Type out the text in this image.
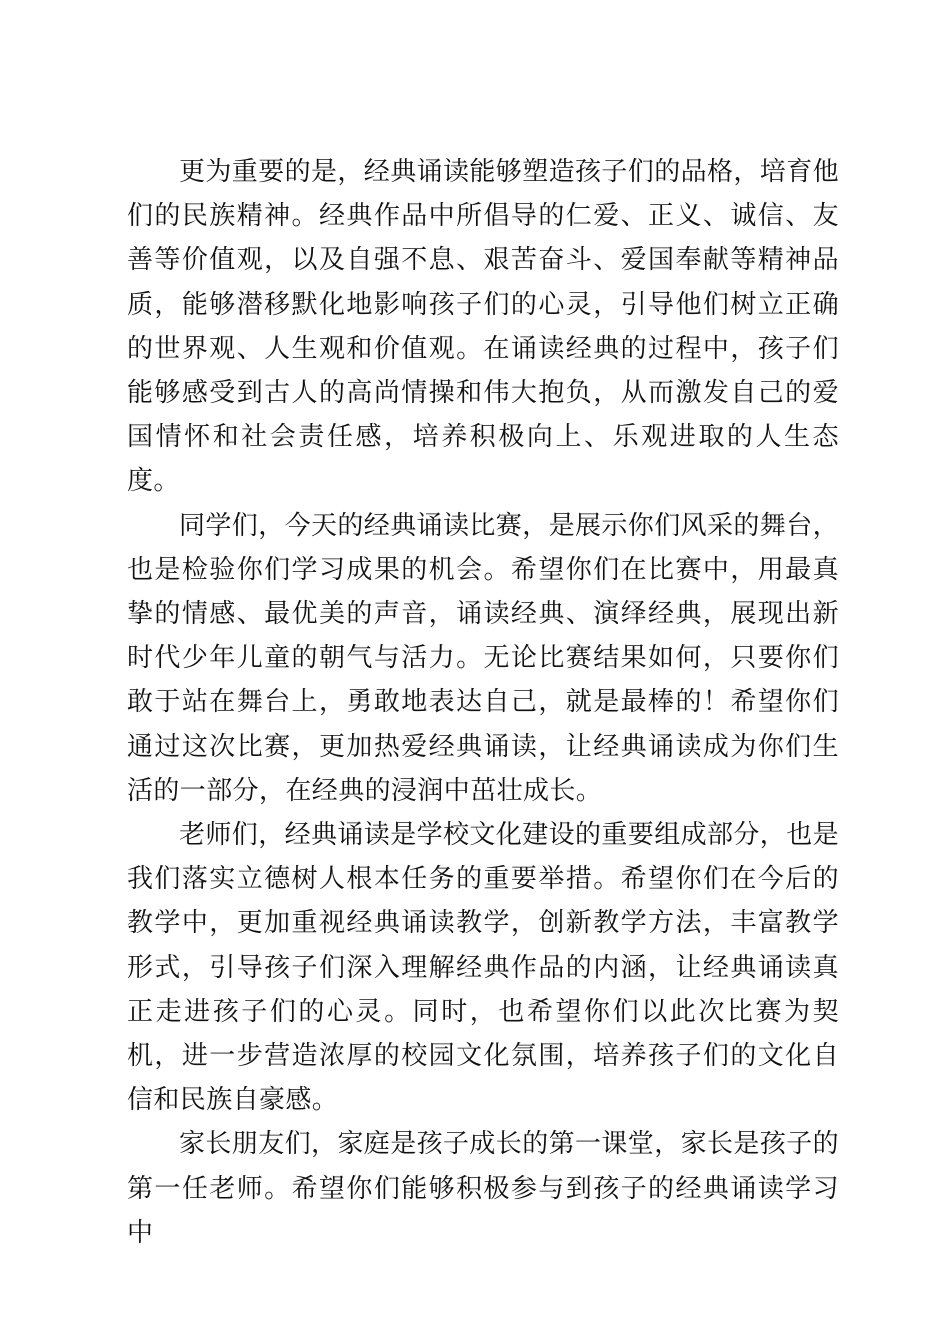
更为重要的是，经典诵读能够塑造孩子们的品格，培育他们的民族精神。经典作品中所倡导的仁爱、正义、诚信、友善等价值观，以及自强不息、艰苦奋斗、爱国奉献等精神品质，能够潜移默化地影响孩子们的心灵，引导他们树立正确的世界观、人生观和价值观。在诵读经典的过程中，孩子们能够感受到古人的高尚情操和伟大抱负，从而激发自己的爱国情怀和社会责任感，培养积极向上、乐观进取的人生态度。

同学们，今天的经典诵读比赛，是展示你们风采的舞台，也是检验你们学习成果的机会。希望你们在比赛中，用最真挚的情感、最优美的声音，诵读经典、演绎经典，展现出新时代少年儿童的朝气与活力。无论比赛结果如何，只要你们敢于站在舞台上，勇敢地表达自己，就是最棒的！希望你们通过这次比赛，更加热爱经典诵读，让经典诵读成为你们生活的一部分，在经典的浸润中茁壮成长。

老师们，经典诵读是学校文化建设的重要组成部分，也是我们落实立德树人根本任务的重要举措。希望你们在今后的教学中，更加重视经典诵读教学，创新教学方法，丰富教学形式，引导孩子们深入理解经典作品的内涵，让经典诵读真正走进孩子们的心灵。同时，也希望你们以此次比赛为契机，进一步营造浓厚的校园文化氛围，培养孩子们的文化自信和民族自豪感。

家长朋友们，家庭是孩子成长的第一课堂，家长是孩子的第一任老师。希望你们能够积极参与到孩子的经典诵读学习中
